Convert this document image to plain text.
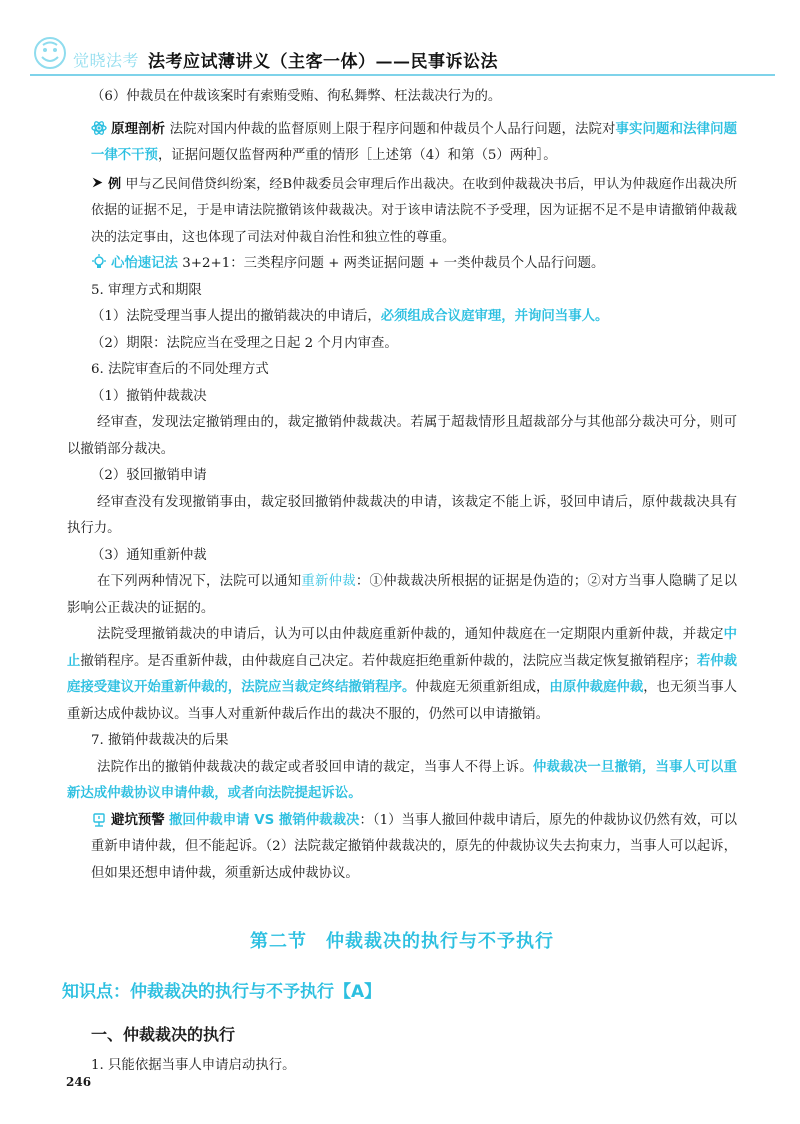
觉晓法考 法考应试薄讲义（主客一体）——民事诉讼法

（6）仲裁员在仲裁该案时有索贿受贿、徇私舞弊、枉法裁决行为的。

原理剖析 法院对国内仲裁的监督原则上限于程序问题和仲裁员个人品行问题，法院对事实问题和法律问题一律不干预，证据问题仅监督两种严重的情形［上述第（4）和第（5）两种］。

例 甲与乙民间借贷纠纷案，经B仲裁委员会审理后作出裁决。在收到仲裁裁决书后，甲认为仲裁庭作出裁决所依据的证据不足，于是申请法院撤销该仲裁裁决。对于该申请法院不予受理，因为证据不足不是申请撤销仲裁裁决的法定事由，这也体现了司法对仲裁自治性和独立性的尊重。

心怡速记法 3+2+1：三类程序问题 + 两类证据问题 + 一类仲裁员个人品行问题。

5. 审理方式和期限

（1）法院受理当事人提出的撤销裁决的申请后，必须组成合议庭审理，并询问当事人。

（2）期限：法院应当在受理之日起 2 个月内审查。

6. 法院审查后的不同处理方式

（1）撤销仲裁裁决

经审查，发现法定撤销理由的，裁定撤销仲裁裁决。若属于超裁情形且超裁部分与其他部分裁决可分，则可以撤销部分裁决。

（2）驳回撤销申请

经审查没有发现撤销事由，裁定驳回撤销仲裁裁决的申请，该裁定不能上诉，驳回申请后，原仲裁裁决具有执行力。

（3）通知重新仲裁

在下列两种情况下，法院可以通知重新仲裁：①仲裁裁决所根据的证据是伪造的；②对方当事人隐瞒了足以影响公正裁决的证据的。

法院受理撤销裁决的申请后，认为可以由仲裁庭重新仲裁的，通知仲裁庭在一定期限内重新仲裁，并裁定中止撤销程序。是否重新仲裁，由仲裁庭自己决定。若仲裁庭拒绝重新仲裁的，法院应当裁定恢复撤销程序；若仲裁庭接受建议开始重新仲裁的，法院应当裁定终结撤销程序。仲裁庭无须重新组成，由原仲裁庭仲裁，也无须当事人重新达成仲裁协议。当事人对重新仲裁后作出的裁决不服的，仍然可以申请撤销。

7. 撤销仲裁裁决的后果

法院作出的撤销仲裁裁决的裁定或者驳回申请的裁定，当事人不得上诉。仲裁裁决一旦撤销，当事人可以重新达成仲裁协议申请仲裁，或者向法院提起诉讼。

避坑预警 撤回仲裁申请 VS 撤销仲裁裁决：（1）当事人撤回仲裁申请后，原先的仲裁协议仍然有效，可以重新申请仲裁，但不能起诉。（2）法院裁定撤销仲裁裁决的，原先的仲裁协议失去拘束力，当事人可以起诉，但如果还想申请仲裁，须重新达成仲裁协议。

第二节　仲裁裁决的执行与不予执行
知识点：仲裁裁决的执行与不予执行【A】
一、仲裁裁决的执行

1. 只能依据当事人申请启动执行。

246
